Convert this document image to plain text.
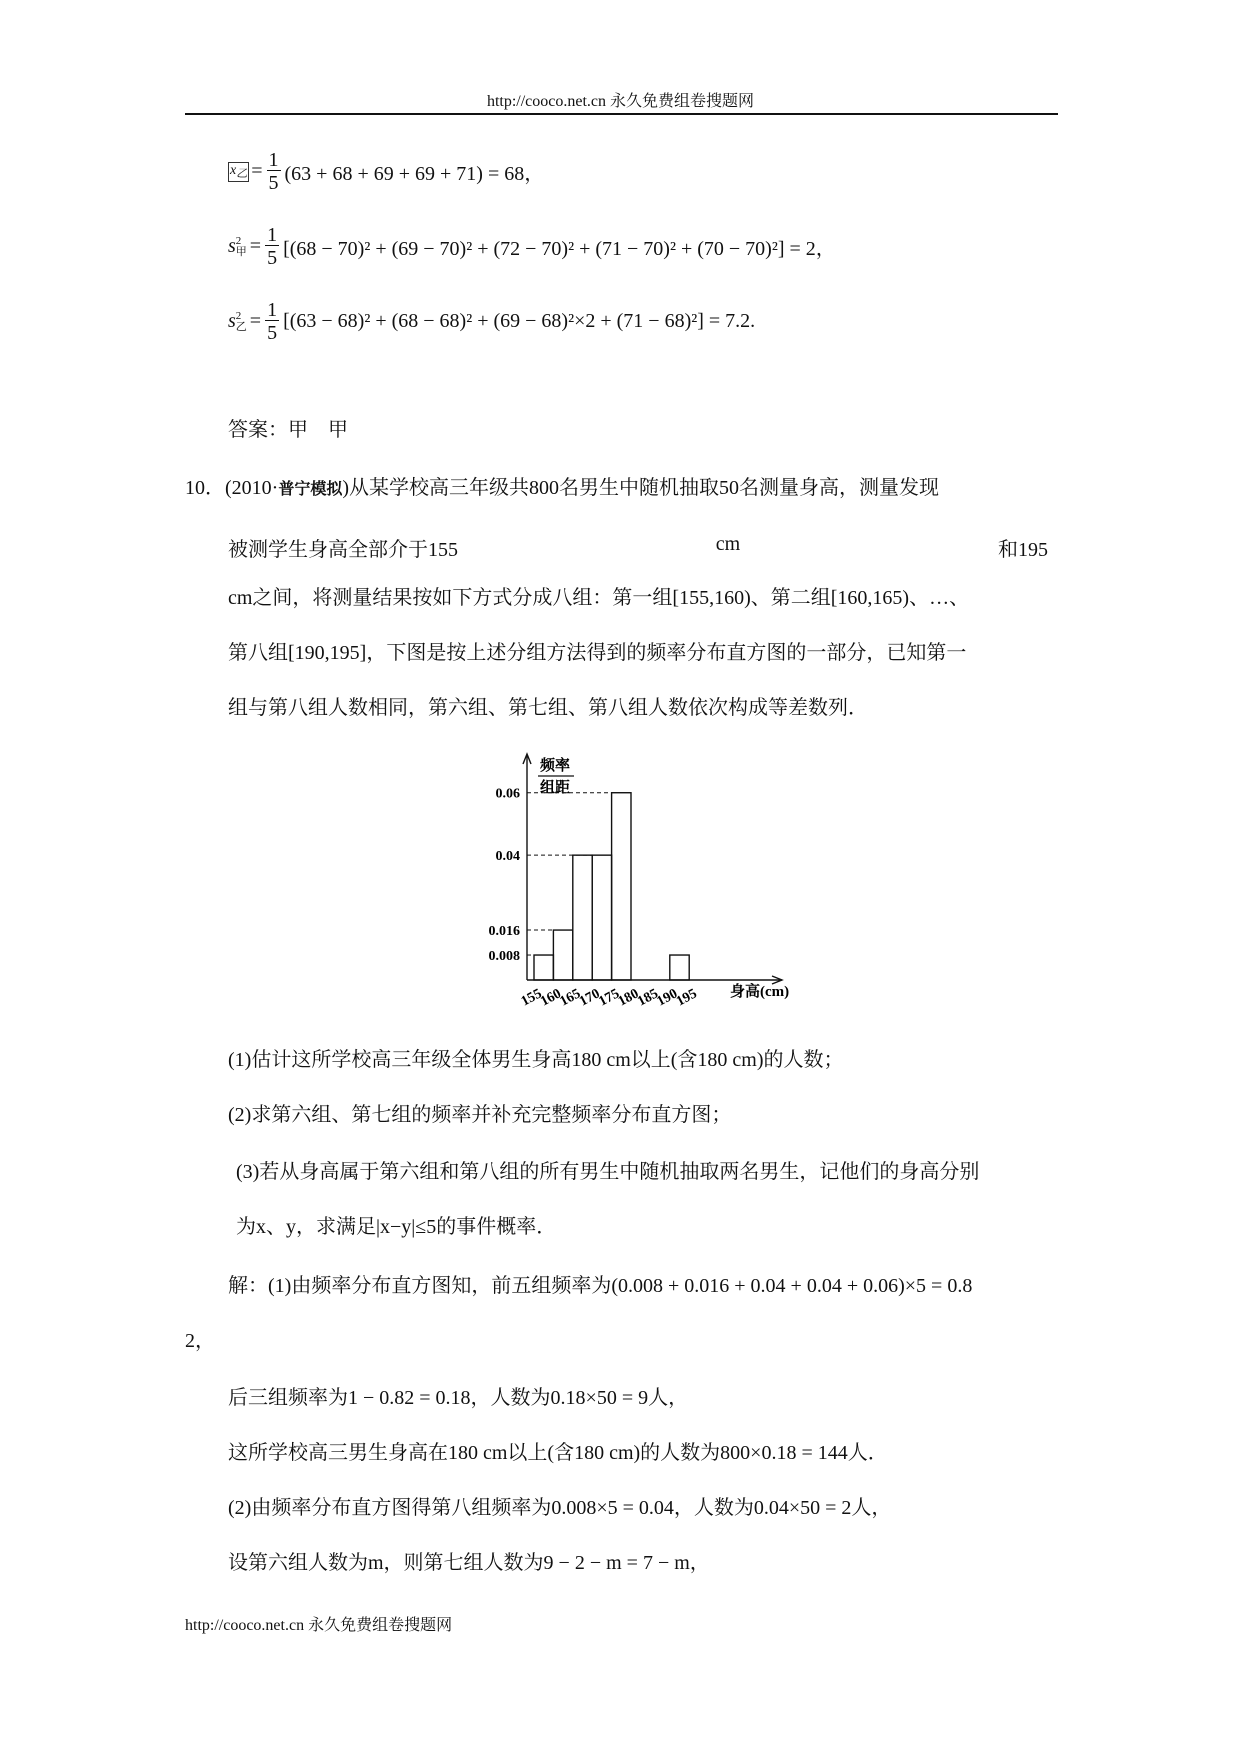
http://cooco.net.cn 永久免费组卷搜题网
$x_乙 = \frac{1}{5} (63 + 68 + 69 + 69 + 71) = 68$，
s 2
甲 = $\frac{1}{5} [(68 - 70)^2 + (69 - 70)^2 + (72 - 70)^2 + (71 - 70)^2 + (70 - 70)^2] = 2$，
s 2
乙 = $\frac{1}{5} [(63 - 68)^2 + (68 - 68)^2 + (69 - 68)^2\times 2 + (71 - 68)^2] = 7.2$.
答案：甲　甲
10．(2010·普宁模拟)从某学校高三年级共800名男生中随机抽取50名测量身高，测量发现
被测学生身高全部介于155	cm	和195
cm之间，将测量结果按如下方式分成八组：第一组[155,160)、第二组[160,165)、…、
第八组[190,195]，下图是按上述分组方法得到的频率分布直方图的一部分，已知第一
组与第八组人数相同，第六组、第七组、第八组人数依次构成等差数列．
频率
组距
身高(cm)
0.06
0.04
0.016
0.008
155
160
165
170
175
180
185
190
195
(1)估计这所学校高三年级全体男生身高180 cm以上(含180 cm)的人数；
(2)求第六组、第七组的频率并补充完整频率分布直方图；
(3)若从身高属于第六组和第八组的所有男生中随机抽取两名男生，记他们的身高分别
为x、y，求满足|x−y|≤5的事件概率．
解：(1)由频率分布直方图知，前五组频率为(0.008 + 0.016 + 0.04 + 0.04 + 0.06)×5 = 0.8
2，
后三组频率为1 − 0.82 = 0.18，人数为0.18×50 = 9人，
这所学校高三男生身高在180 cm以上(含180 cm)的人数为800×0.18 = 144人．
(2)由频率分布直方图得第八组频率为0.008×5 = 0.04，人数为0.04×50 = 2人，
设第六组人数为m，则第七组人数为9 − 2 − m = 7 − m，
http://cooco.net.cn 永久免费组卷搜题网
